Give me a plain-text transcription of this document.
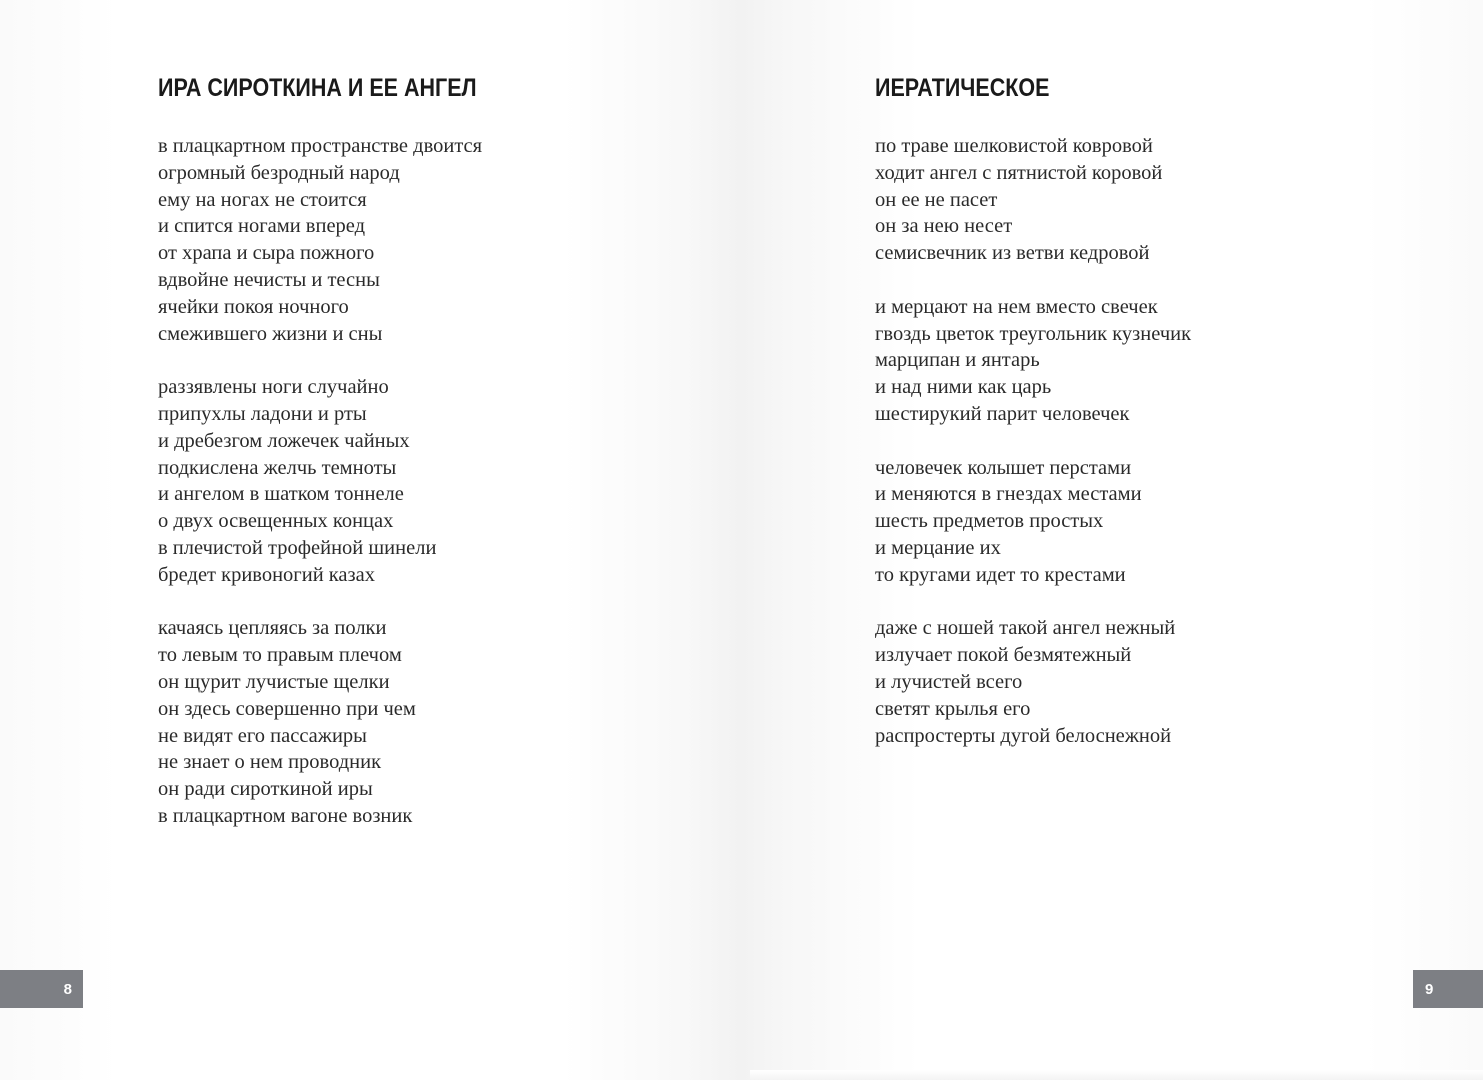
ИРА СИРОТКИНА И ЕЕ АНГЕЛ
в плацкартном пространстве двоится
огромный безродный народ
ему на ногах не стоится
и спится ногами вперед
от храпа и сыра пожного
вдвойне нечисты и тесны
ячейки покоя ночного
смежившего жизни и сны
раззявлены ноги случайно
припухлы ладони и рты
и дребезгом ложечек чайных
подкислена желчь темноты
и ангелом в шатком тоннеле
о двух освещенных концах
в плечистой трофейной шинели
бредет кривоногий казах
качаясь цепляясь за полки
то левым то правым плечом
он щурит лучистые щелки
он здесь совершенно при чем
не видят его пассажиры
не знает о нем проводник
он ради сироткиной иры
в плацкартном вагоне возник
8
ИЕРАТИЧЕСКОЕ
по траве шелковистой ковровой
ходит ангел с пятнистой коровой
он ее не пасет
он за нею несет
семисвечник из ветви кедровой
и мерцают на нем вместо свечек
гвоздь цветок треугольник кузнечик
марципан и янтарь
и над ними как царь
шестирукий парит человечек
человечек колышет перстами
и меняются в гнездах местами
шесть предметов простых
и мерцание их
то кругами идет то крестами
даже с ношей такой ангел нежный
излучает покой безмятежный
и лучистей всего
светят крылья его
распростерты дугой белоснежной
9
